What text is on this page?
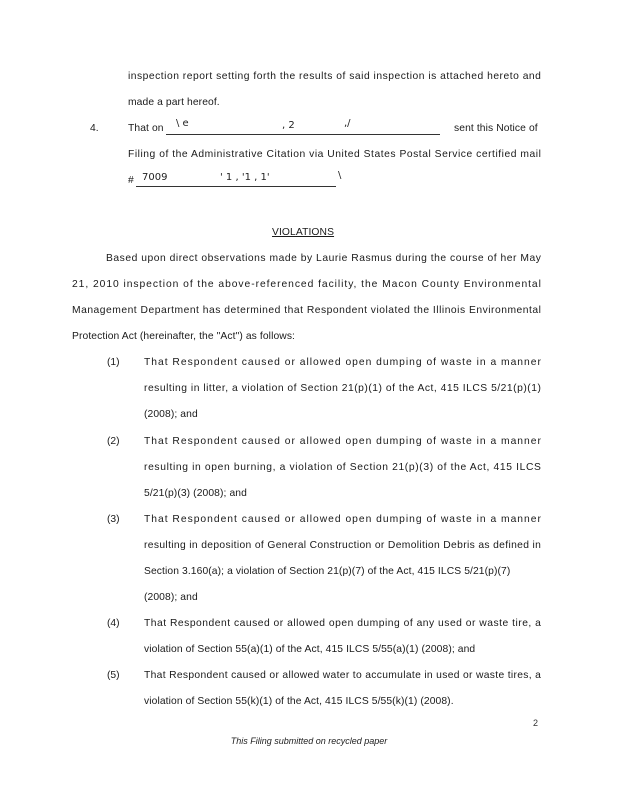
inspection report setting forth the results of said inspection is attached hereto and
made a part hereof.
4.	That on \ e	, 2	,/	sent this Notice of
Filing of the Administrative Citation via United States Postal Service certified mail
# 7009	' 1 , '1 , 1'	\
VIOLATIONS
Based upon direct observations made by Laurie Rasmus during the course of her May
21, 2010 inspection of the above-referenced facility, the Macon County Environmental
Management Department has determined that Respondent violated the Illinois Environmental
Protection Act (hereinafter, the "Act") as follows:
(1) That Respondent caused or allowed open dumping of waste in a manner
resulting in litter, a violation of Section 21(p)(1) of the Act, 415 ILCS 5/21(p)(1)
(2008); and
(2) That Respondent caused or allowed open dumping of waste in a manner
resulting in open burning, a violation of Section 21(p)(3) of the Act, 415 ILCS
5/21(p)(3) (2008); and
(3) That Respondent caused or allowed open dumping of waste in a manner
resulting in deposition of General Construction or Demolition Debris as defined in
Section 3.160(a); a violation of Section 21(p)(7) of the Act, 415 ILCS 5/21(p)(7)
(2008); and
(4) That Respondent caused or allowed open dumping of any used or waste tire, a
violation of Section 55(a)(1) of the Act, 415 ILCS 5/55(a)(1) (2008); and
(5) That Respondent caused or allowed water to accumulate in used or waste tires, a
violation of Section 55(k)(1) of the Act, 415 ILCS 5/55(k)(1) (2008).
2
This Filing submitted on recycled paper
